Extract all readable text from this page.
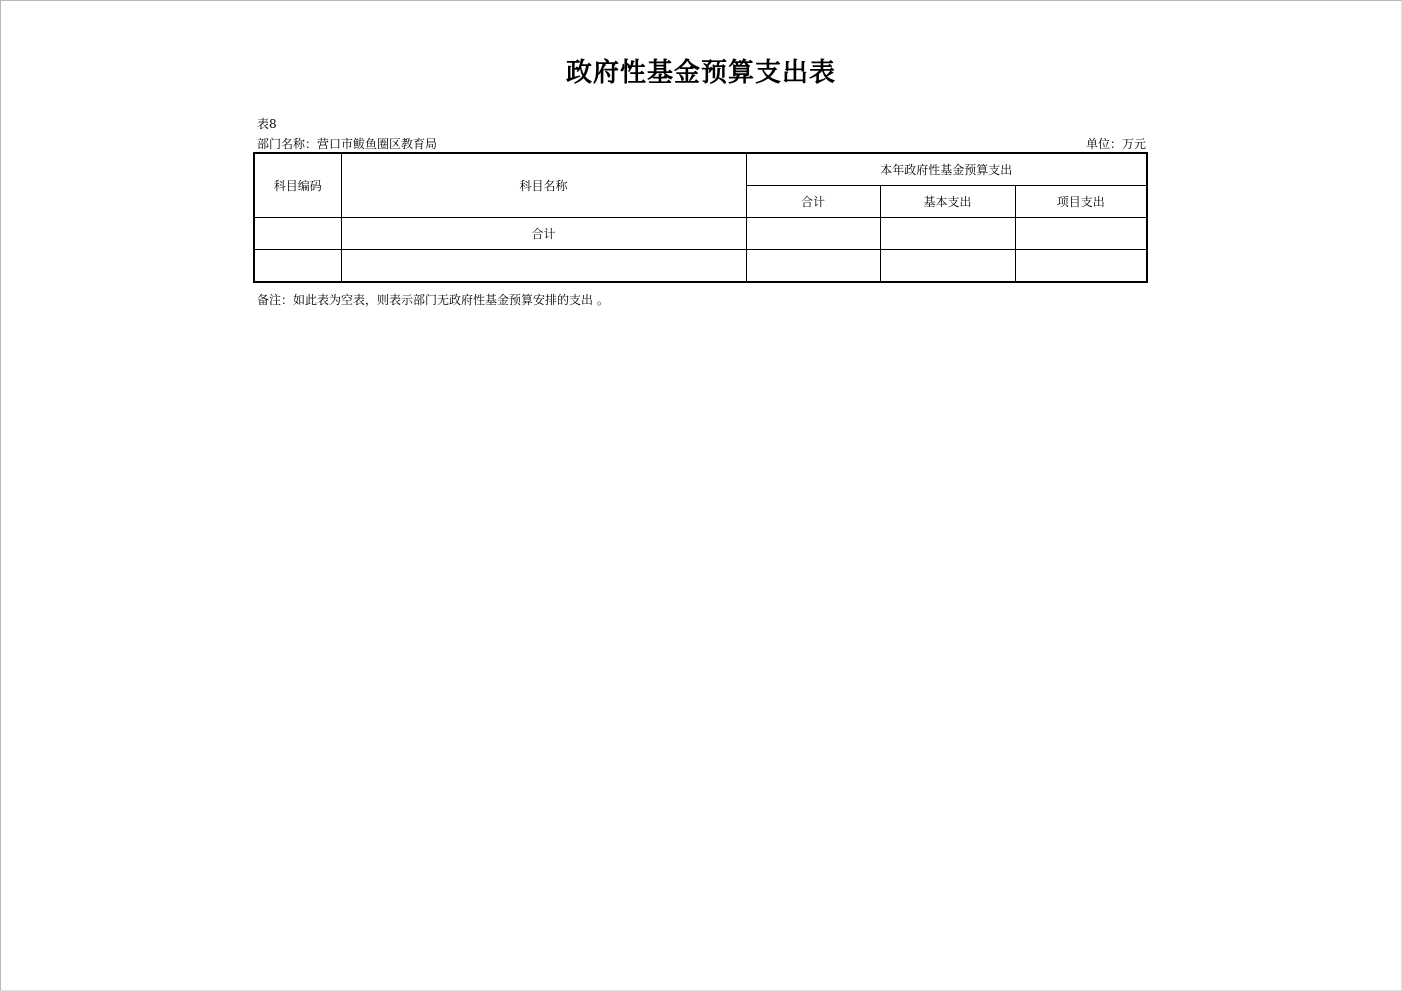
政府性基金预算支出表
表8
部门名称：营口市鲅鱼圈区教育局	单位：万元
科目编码	科目名称	本年政府性基金预算支出		
		合计	基本支出	项目支出
	合计			

备注：如此表为空表，则表示部门无政府性基金预算安排的支出 。
